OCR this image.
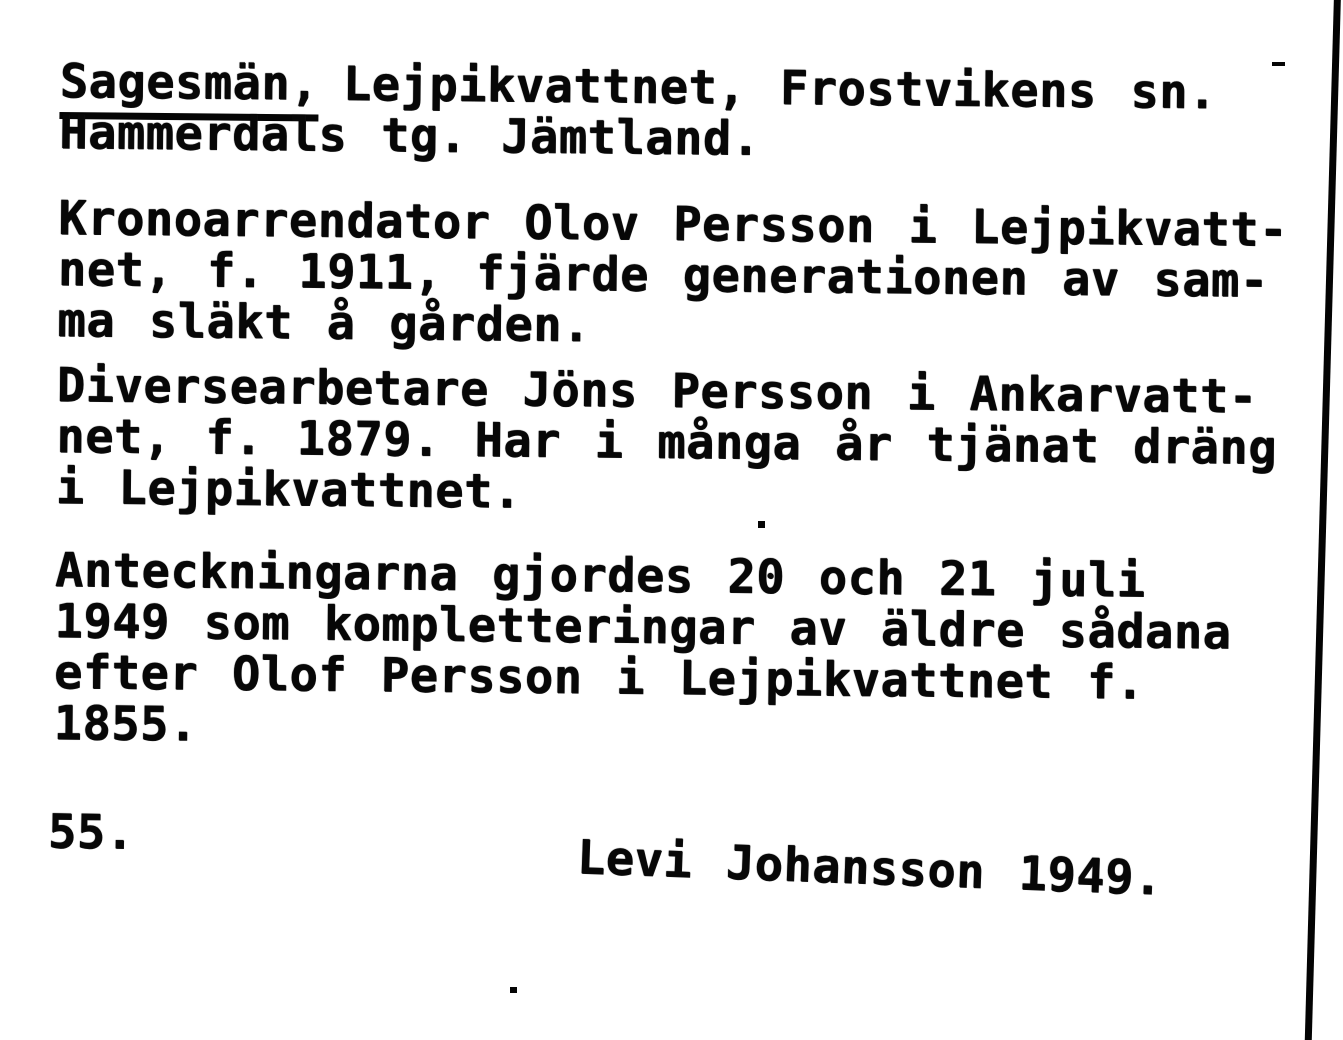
Sagesmän, Lejpikvattnet, Frostvikens sn.
Hammerdals tg. Jämtland.
Kronoarrendator Olov Persson i Lejpikvatt-
net, f. 1911, fjärde generationen av sam-
ma släkt å gården.
Diversearbetare Jöns Persson i Ankarvatt-
net, f. 1879. Har i många år tjänat dräng
i Lejpikvattnet.
Anteckningarna gjordes 20 och 21 juli
1949 som kompletteringar av äldre sådana
efter Olof Persson i Lejpikvattnet f.
1855.
55.	Levi Johansson 1949.
